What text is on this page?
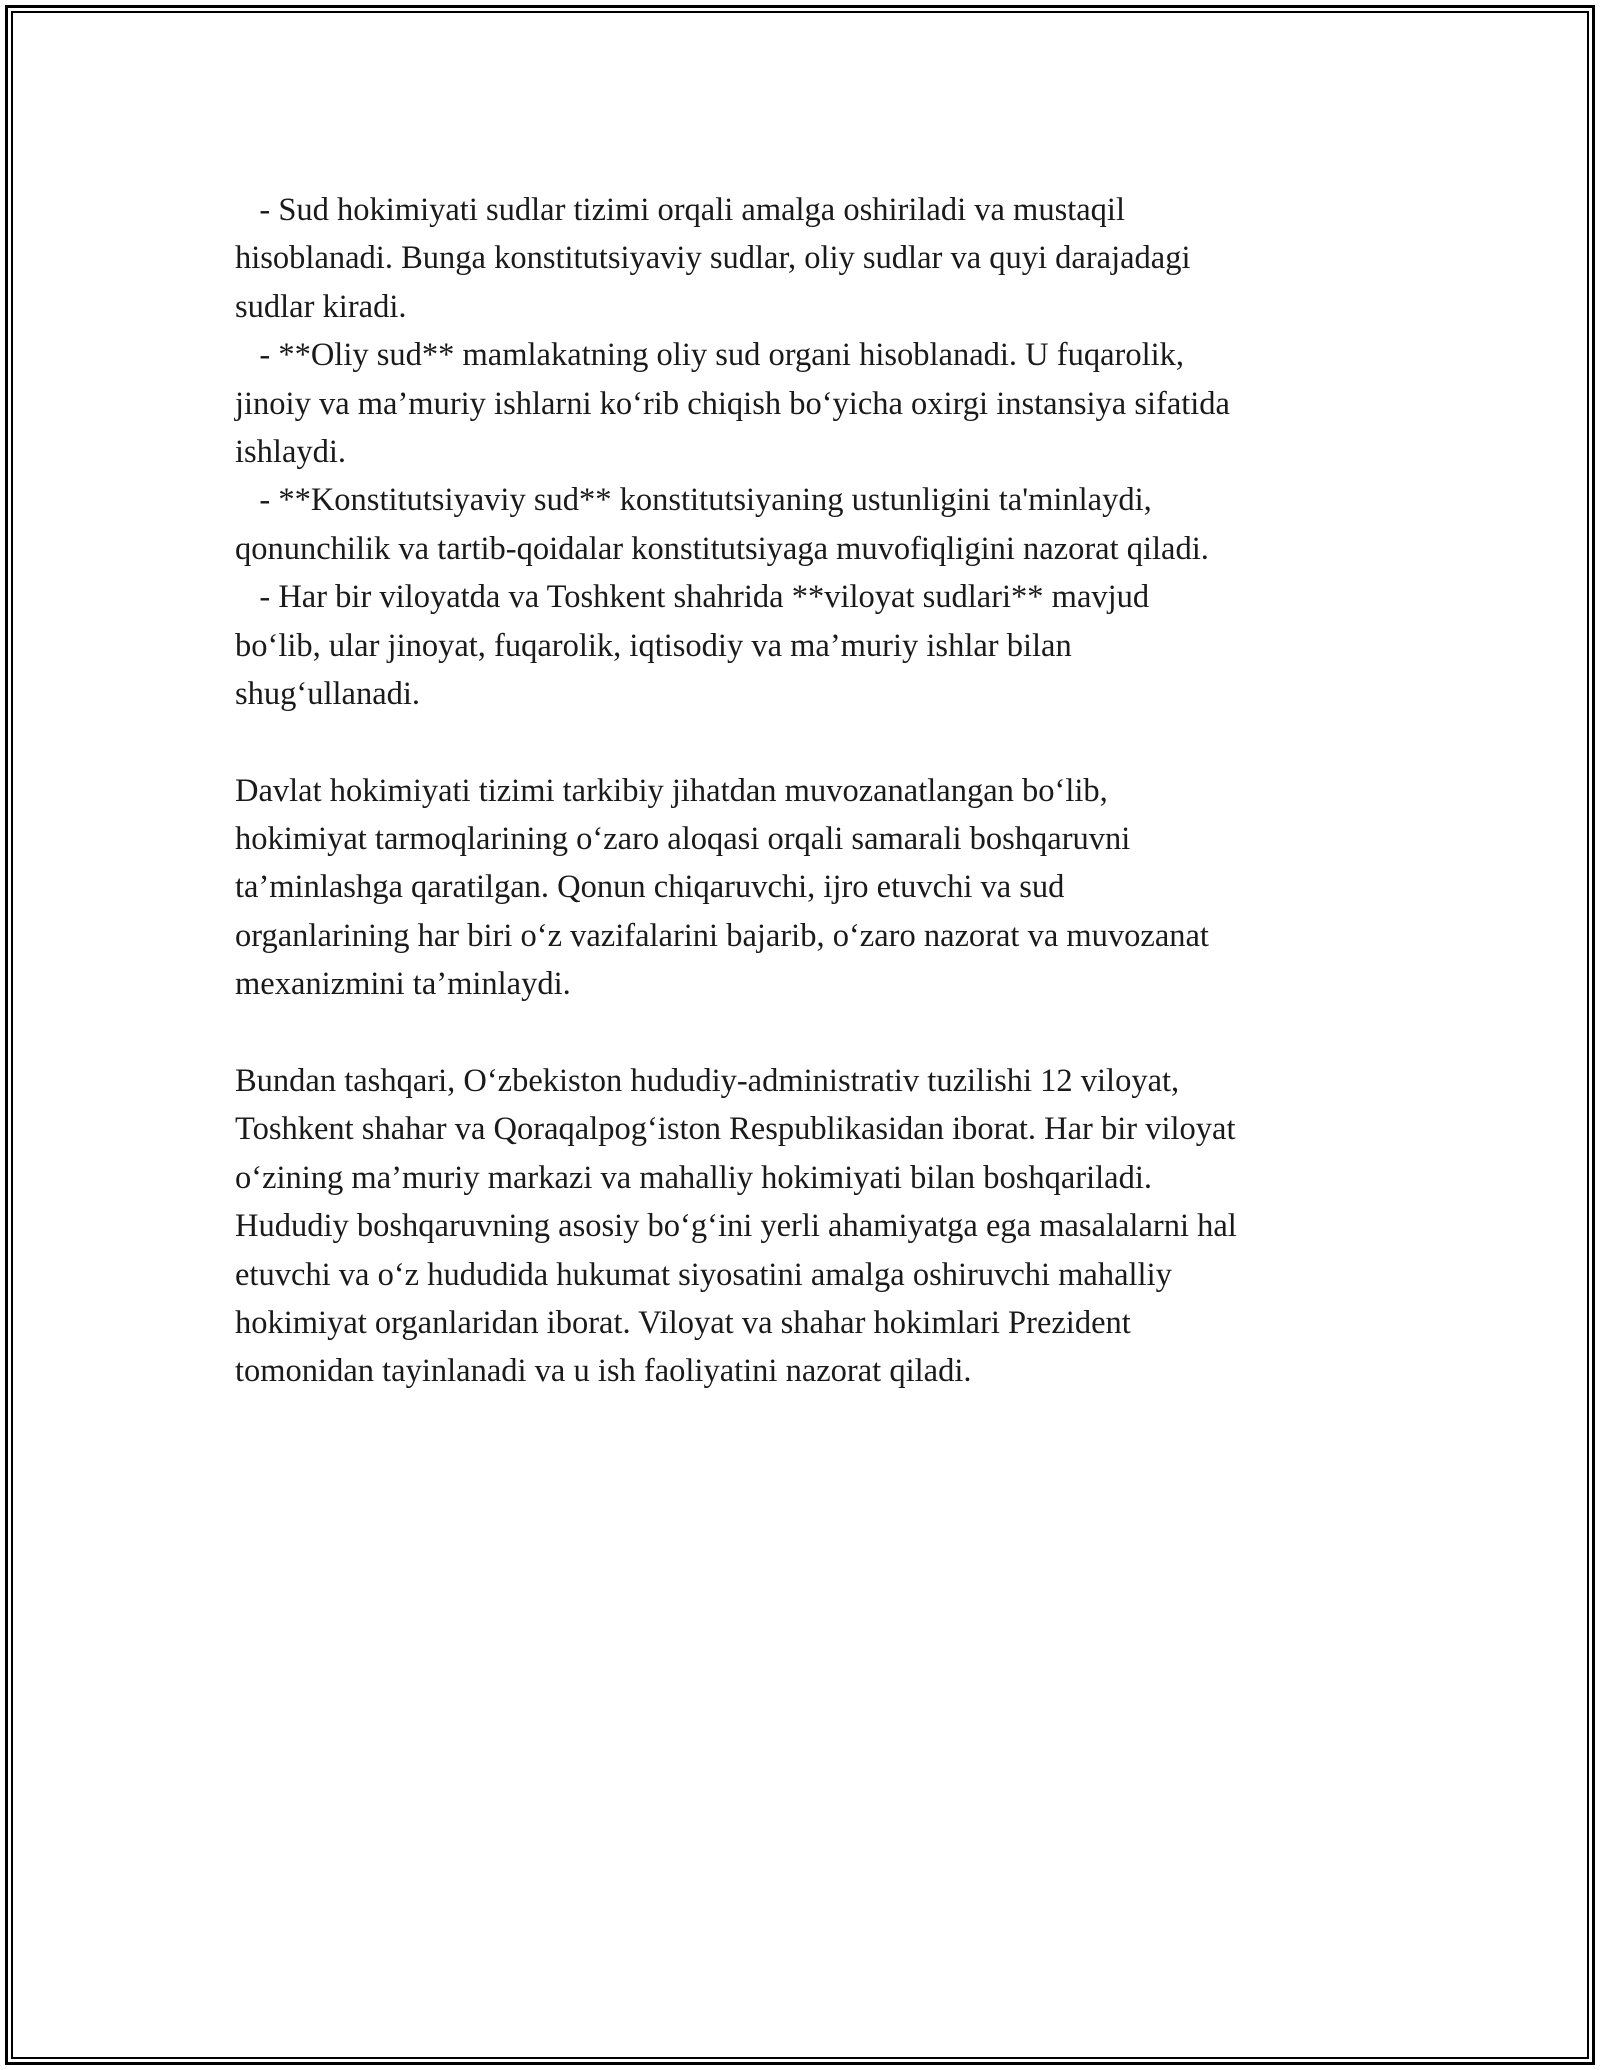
- Sud hokimiyati sudlar tizimi orqali amalga oshiriladi va mustaqil
hisoblanadi. Bunga konstitutsiyaviy sudlar, oliy sudlar va quyi darajadagi
sudlar kiradi.
- **Oliy sud** mamlakatning oliy sud organi hisoblanadi. U fuqarolik,
jinoiy va ma’muriy ishlarni ko‘rib chiqish bo‘yicha oxirgi instansiya sifatida
ishlaydi.
- **Konstitutsiyaviy sud** konstitutsiyaning ustunligini ta'minlaydi,
qonunchilik va tartib-qoidalar konstitutsiyaga muvofiqligini nazorat qiladi.
- Har bir viloyatda va Toshkent shahrida **viloyat sudlari** mavjud
bo‘lib, ular jinoyat, fuqarolik, iqtisodiy va ma’muriy ishlar bilan
shug‘ullanadi.
Davlat hokimiyati tizimi tarkibiy jihatdan muvozanatlangan bo‘lib,
hokimiyat tarmoqlarining o‘zaro aloqasi orqali samarali boshqaruvni
ta’minlashga qaratilgan. Qonun chiqaruvchi, ijro etuvchi va sud
organlarining har biri o‘z vazifalarini bajarib, o‘zaro nazorat va muvozanat
mexanizmini ta’minlaydi.
Bundan tashqari, O‘zbekiston hududiy-administrativ tuzilishi 12 viloyat,
Toshkent shahar va Qoraqalpog‘iston Respublikasidan iborat. Har bir viloyat
o‘zining ma’muriy markazi va mahalliy hokimiyati bilan boshqariladi.
Hududiy boshqaruvning asosiy bo‘g‘ini yerli ahamiyatga ega masalalarni hal
etuvchi va o‘z hududida hukumat siyosatini amalga oshiruvchi mahalliy
hokimiyat organlaridan iborat. Viloyat va shahar hokimlari Prezident
tomonidan tayinlanadi va u ish faoliyatini nazorat qiladi.
